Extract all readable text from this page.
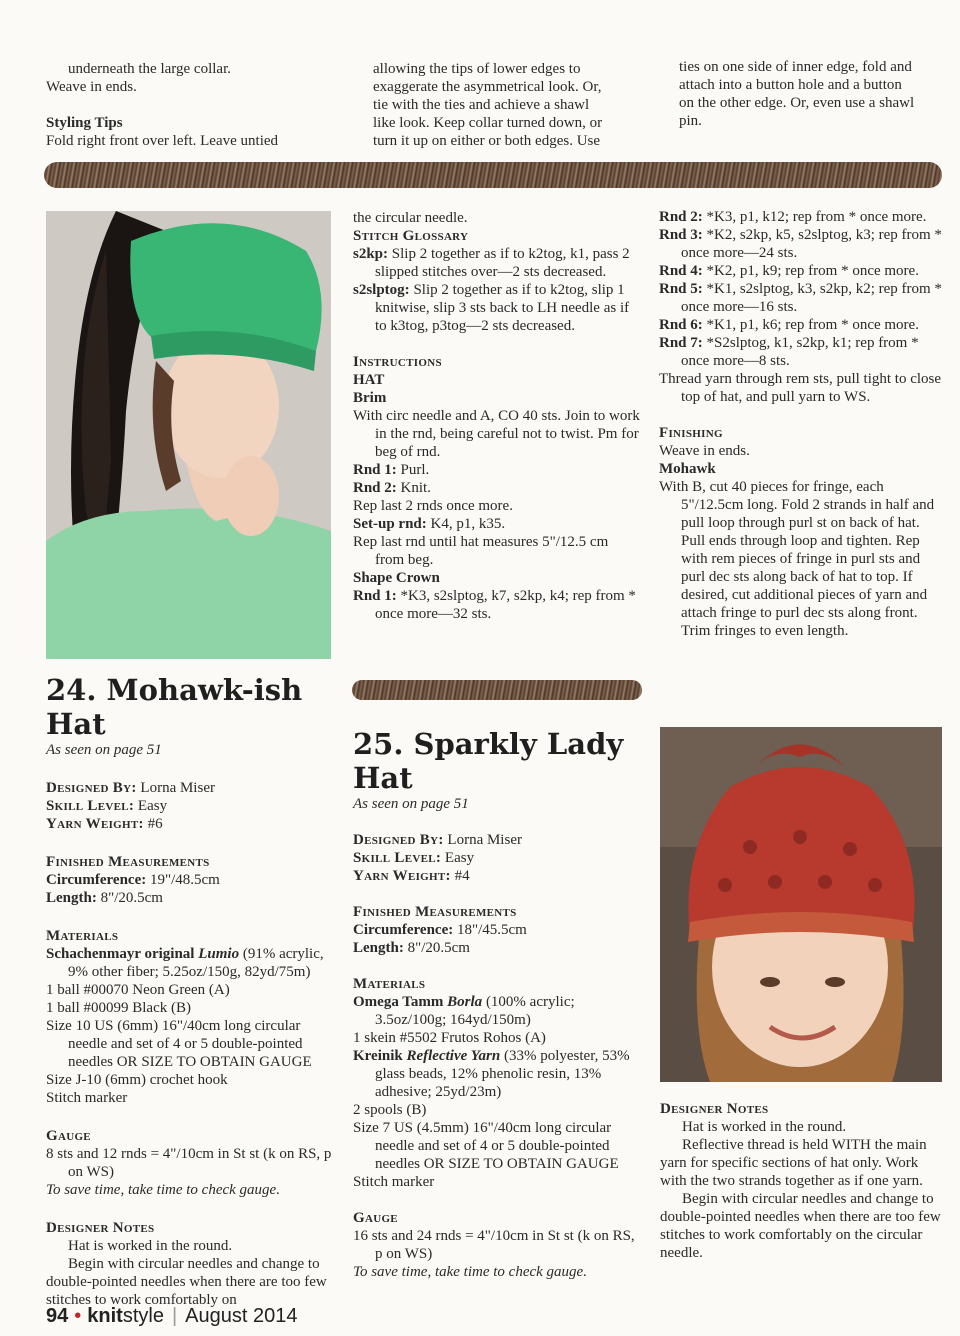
underneath the large collar.

Weave in ends.

Styling Tips

Fold right front over left. Leave untied

allowing the tips of lower edges to

exaggerate the asymmetrical look. Or,

tie with the ties and achieve a shawl

like look. Keep collar turned down, or

turn it up on either or both edges. Use

ties on one side of inner edge, fold and

attach into a button hole and a button

on the other edge. Or, even use a shawl

pin.

24. Mohawk-ish Hat

As seen on page 51

Designed By: Lorna Miser

Skill Level: Easy

Yarn Weight: #6

Finished Measurements

Circumference: 19"/48.5cm

Length: 8"/20.5cm

Materials

Schachenmayr original Lumio (91% acrylic, 9% other fiber; 5.25oz/150g, 82yd/75m)

1 ball #00070 Neon Green (A)

1 ball #00099 Black (B)

Size 10 US (6mm) 16"/40cm long circular needle and set of 4 or 5 double-pointed needles OR SIZE TO OBTAIN GAUGE

Size J-10 (6mm) crochet hook

Stitch marker

Gauge

8 sts and 12 rnds = 4"/10cm in St st (k on RS, p on WS)

To save time, take time to check gauge.

Designer Notes

Hat is worked in the round.

Begin with circular needles and change to double-pointed needles when there are too few stitches to work comfortably on

the circular needle.

Stitch Glossary

s2kp: Slip 2 together as if to k2tog, k1, pass 2 slipped stitches over—2 sts decreased.

s2slptog: Slip 2 together as if to k2tog, slip 1 knitwise, slip 3 sts back to LH needle as if to k3tog, p3tog—2 sts decreased.

Instructions

HAT

Brim

With circ needle and A, CO 40 sts. Join to work in the rnd, being careful not to twist. Pm for beg of rnd.

Rnd 1: Purl.

Rnd 2: Knit.

Rep last 2 rnds once more.

Set-up rnd: K4, p1, k35.

Rep last rnd until hat measures 5"/12.5 cm from beg.

Shape Crown

Rnd 1: *K3, s2slptog, k7, s2kp, k4; rep from * once more—32 sts.

25. Sparkly Lady Hat

As seen on page 51

Designed By: Lorna Miser

Skill Level: Easy

Yarn Weight: #4

Finished Measurements

Circumference: 18"/45.5cm

Length: 8"/20.5cm

Materials

Omega Tamm Borla (100% acrylic; 3.5oz/100g; 164yd/150m)

1 skein #5502 Frutos Rohos (A)

Kreinik Reflective Yarn (33% polyester, 53% glass beads, 12% phenolic resin, 13% adhesive; 25yd/23m)

2 spools (B)

Size 7 US (4.5mm) 16"/40cm long circular needle and set of 4 or 5 double-pointed needles OR SIZE TO OBTAIN GAUGE

Stitch marker

Gauge

16 sts and 24 rnds = 4"/10cm in St st (k on RS, p on WS)

To save time, take time to check gauge.

Rnd 2: *K3, p1, k12; rep from * once more.

Rnd 3: *K2, s2kp, k5, s2slptog, k3; rep from * once more—24 sts.

Rnd 4: *K2, p1, k9; rep from * once more.

Rnd 5: *K1, s2slptog, k3, s2kp, k2; rep from * once more—16 sts.

Rnd 6: *K1, p1, k6; rep from * once more.

Rnd 7: *S2slptog, k1, s2kp, k1; rep from * once more—8 sts.

Thread yarn through rem sts, pull tight to close top of hat, and pull yarn to WS.

Finishing

Weave in ends.

Mohawk

With B, cut 40 pieces for fringe, each 5"/12.5cm long. Fold 2 strands in half and pull loop through purl st on back of hat. Pull ends through loop and tighten. Rep with rem pieces of fringe in purl sts and purl dec sts along back of hat to top. If desired, cut additional pieces of yarn and attach fringe to purl dec sts along front. Trim fringes to even length.

Designer Notes

Hat is worked in the round.

Reflective thread is held WITH the main yarn for specific sections of hat only. Work with the two strands together as if one yarn.

Begin with circular needles and change to double-pointed needles when there are too few stitches to work comfortably on the circular needle.

94 • knitstyle | August 2014
